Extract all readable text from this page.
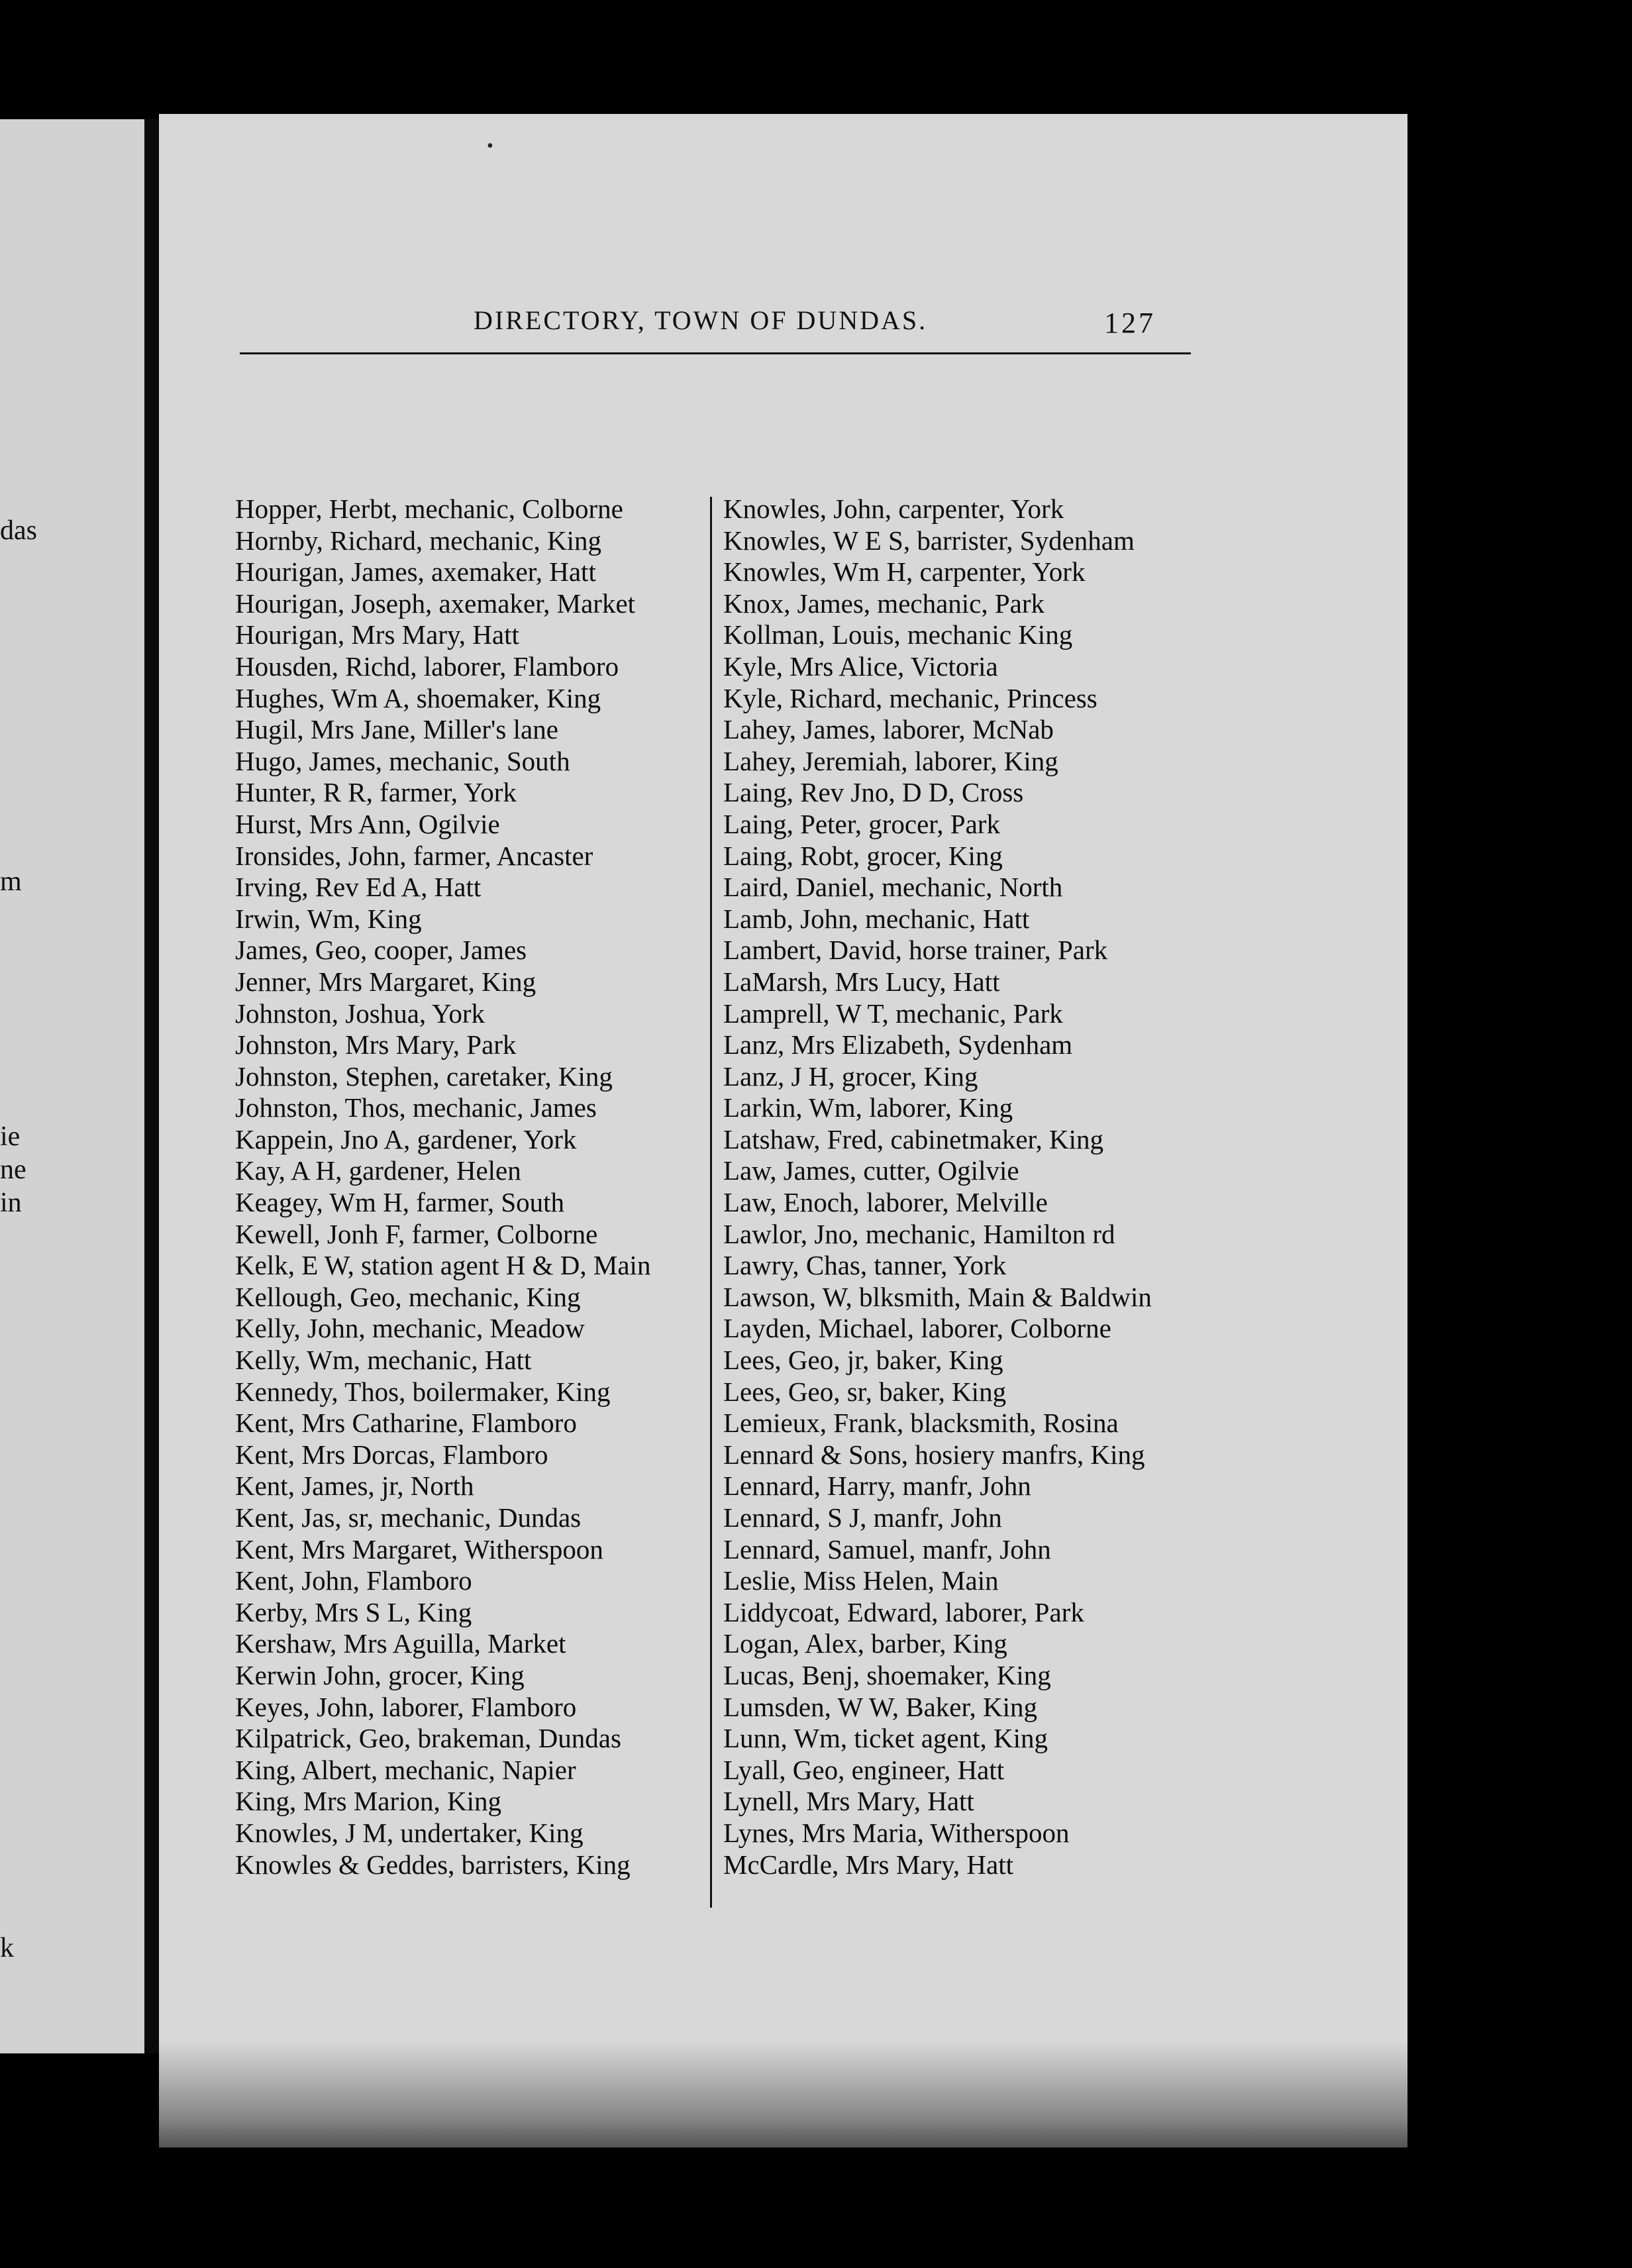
das
m
ie
ne
in
k
DIRECTORY, TOWN OF DUNDAS.	127
Hopper, Herbt, mechanic, Colborne
Hornby, Richard, mechanic, King
Hourigan, James, axemaker, Hatt
Hourigan, Joseph, axemaker, Market
Hourigan, Mrs Mary, Hatt
Housden, Richd, laborer, Flamboro
Hughes, Wm A, shoemaker, King
Hugil, Mrs Jane, Miller's lane
Hugo, James, mechanic, South
Hunter, R R, farmer, York
Hurst, Mrs Ann, Ogilvie
Ironsides, John, farmer, Ancaster
Irving, Rev Ed A, Hatt
Irwin, Wm, King
James, Geo, cooper, James
Jenner, Mrs Margaret, King
Johnston, Joshua, York
Johnston, Mrs Mary, Park
Johnston, Stephen, caretaker, King
Johnston, Thos, mechanic, James
Kappein, Jno A, gardener, York
Kay, A H, gardener, Helen
Keagey, Wm H, farmer, South
Kewell, Jonh F, farmer, Colborne
Kelk, E W, station agent H & D, Main
Kellough, Geo, mechanic, King
Kelly, John, mechanic, Meadow
Kelly, Wm, mechanic, Hatt
Kennedy, Thos, boilermaker, King
Kent, Mrs Catharine, Flamboro
Kent, Mrs Dorcas, Flamboro
Kent, James, jr, North
Kent, Jas, sr, mechanic, Dundas
Kent, Mrs Margaret, Witherspoon
Kent, John, Flamboro
Kerby, Mrs S L, King
Kershaw, Mrs Aguilla, Market
Kerwin John, grocer, King
Keyes, John, laborer, Flamboro
Kilpatrick, Geo, brakeman, Dundas
King, Albert, mechanic, Napier
King, Mrs Marion, King
Knowles, J M, undertaker, King
Knowles & Geddes, barristers, King
Knowles, John, carpenter, York
Knowles, W E S, barrister, Sydenham
Knowles, Wm H, carpenter, York
Knox, James, mechanic, Park
Kollman, Louis, mechanic King
Kyle, Mrs Alice, Victoria
Kyle, Richard, mechanic, Princess
Lahey, James, laborer, McNab
Lahey, Jeremiah, laborer, King
Laing, Rev Jno, D D, Cross
Laing, Peter, grocer, Park
Laing, Robt, grocer, King
Laird, Daniel, mechanic, North
Lamb, John, mechanic, Hatt
Lambert, David, horse trainer, Park
LaMarsh, Mrs Lucy, Hatt
Lamprell, W T, mechanic, Park
Lanz, Mrs Elizabeth, Sydenham
Lanz, J H, grocer, King
Larkin, Wm, laborer, King
Latshaw, Fred, cabinetmaker, King
Law, James, cutter, Ogilvie
Law, Enoch, laborer, Melville
Lawlor, Jno, mechanic, Hamilton rd
Lawry, Chas, tanner, York
Lawson, W, blksmith, Main & Baldwin
Layden, Michael, laborer, Colborne
Lees, Geo, jr, baker, King
Lees, Geo, sr, baker, King
Lemieux, Frank, blacksmith, Rosina
Lennard & Sons, hosiery manfrs, King
Lennard, Harry, manfr, John
Lennard, S J, manfr, John
Lennard, Samuel, manfr, John
Leslie, Miss Helen, Main
Liddycoat, Edward, laborer, Park
Logan, Alex, barber, King
Lucas, Benj, shoemaker, King
Lumsden, W W, Baker, King
Lunn, Wm, ticket agent, King
Lyall, Geo, engineer, Hatt
Lynell, Mrs Mary, Hatt
Lynes, Mrs Maria, Witherspoon
McCardle, Mrs Mary, Hatt
•
